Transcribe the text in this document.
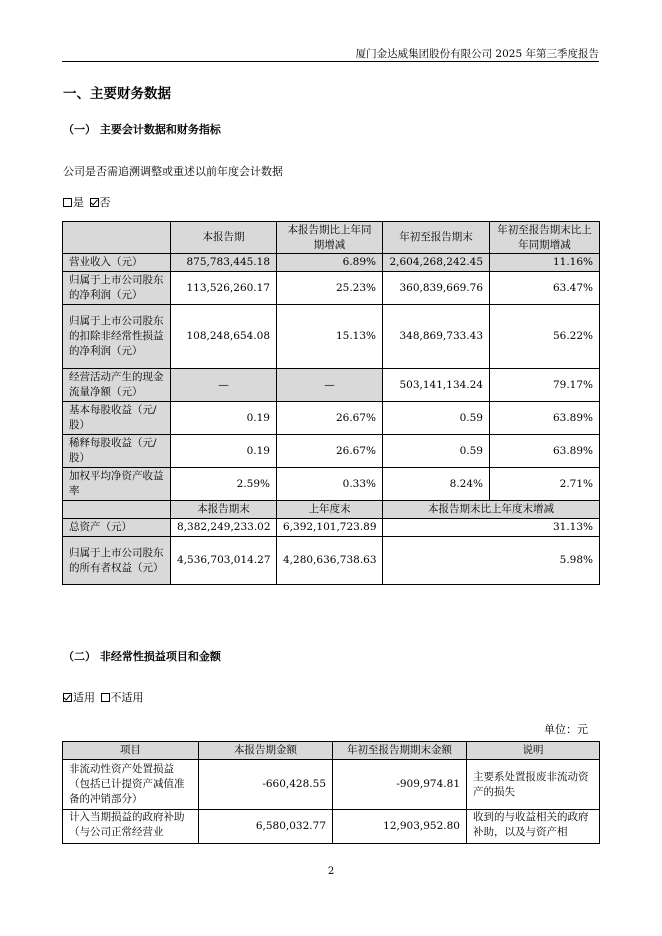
厦门金达威集团股份有限公司 2025 年第三季度报告
一、主要财务数据
（一） 主要会计数据和财务指标
公司是否需追溯调整或重述以前年度会计数据
是 否
	本报告期	本报告期比上年同期增减	年初至报告期末	年初至报告期末比上年同期增减
营业收入（元）	875,783,445.18	6.89%	2,604,268,242.45	11.16%
归属于上市公司股东的净利润（元）	113,526,260.17	25.23%	360,839,669.76	63.47%
归属于上市公司股东的扣除非经常性损益的净利润（元）	108,248,654.08	15.13%	348,869,733.43	56.22%
经营活动产生的现金流量净额（元）	—	—	503,141,134.24	79.17%
基本每股收益（元/股）	0.19	26.67%	0.59	63.89%
稀释每股收益（元/股）	0.19	26.67%	0.59	63.89%
加权平均净资产收益率	2.59%	0.33%	8.24%	2.71%
	本报告期末	上年度末	本报告期末比上年度末增减	
总资产（元）	8,382,249,233.02	6,392,101,723.89	31.13%	
归属于上市公司股东的所有者权益（元）	4,536,703,014.27	4,280,636,738.63	5.98%	
（二） 非经常性损益项目和金额
适用 不适用
单位：元
项目	本报告期金额	年初至报告期期末金额	说明
非流动性资产处置损益（包括已计提资产减值准备的冲销部分）	-660,428.55	-909,974.81	主要系处置报废非流动资产的损失

计入当期损益的政府补助（与公司正常经营业	6,580,032.77	12,903,952.80	收到的与收益相关的政府补助，以及与资产相
2
